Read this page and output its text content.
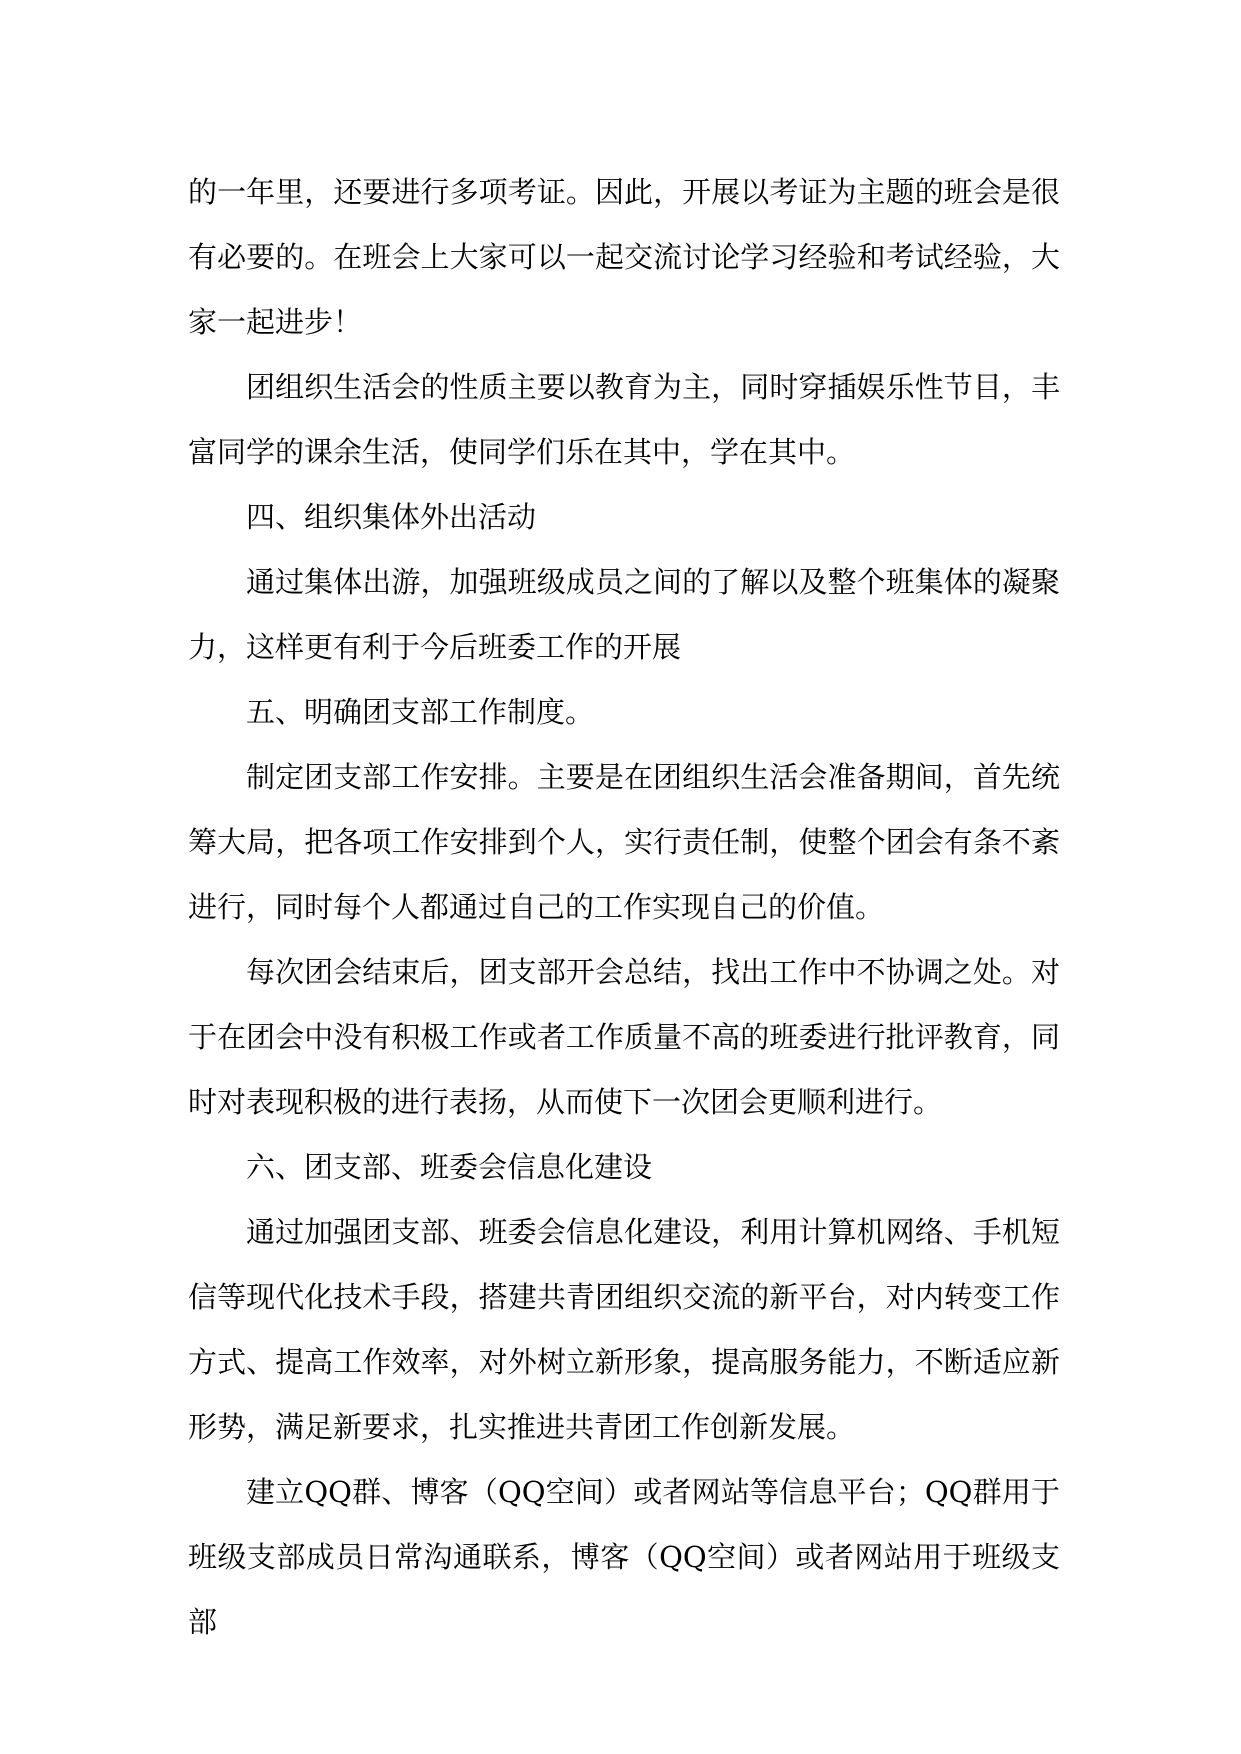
的一年里，还要进行多项考证。因此，开展以考证为主题的班会是很有必要的。在班会上大家可以一起交流讨论学习经验和考试经验，大家一起进步！

团组织生活会的性质主要以教育为主，同时穿插娱乐性节目，丰富同学的课余生活，使同学们乐在其中，学在其中。

四、组织集体外出活动

通过集体出游，加强班级成员之间的了解以及整个班集体的凝聚力，这样更有利于今后班委工作的开展

五、明确团支部工作制度。

制定团支部工作安排。主要是在团组织生活会准备期间，首先统筹大局，把各项工作安排到个人，实行责任制，使整个团会有条不紊进行，同时每个人都通过自己的工作实现自己的价值。

每次团会结束后，团支部开会总结，找出工作中不协调之处。对于在团会中没有积极工作或者工作质量不高的班委进行批评教育，同时对表现积极的进行表扬，从而使下一次团会更顺利进行。

六、团支部、班委会信息化建设

通过加强团支部、班委会信息化建设，利用计算机网络、手机短信等现代化技术手段，搭建共青团组织交流的新平台，对内转变工作方式、提高工作效率，对外树立新形象，提高服务能力，不断适应新形势，满足新要求，扎实推进共青团工作创新发展。

建立QQ群、博客（QQ空间）或者网站等信息平台；QQ群用于班级支部成员日常沟通联系，博客（QQ空间）或者网站用于班级支部
